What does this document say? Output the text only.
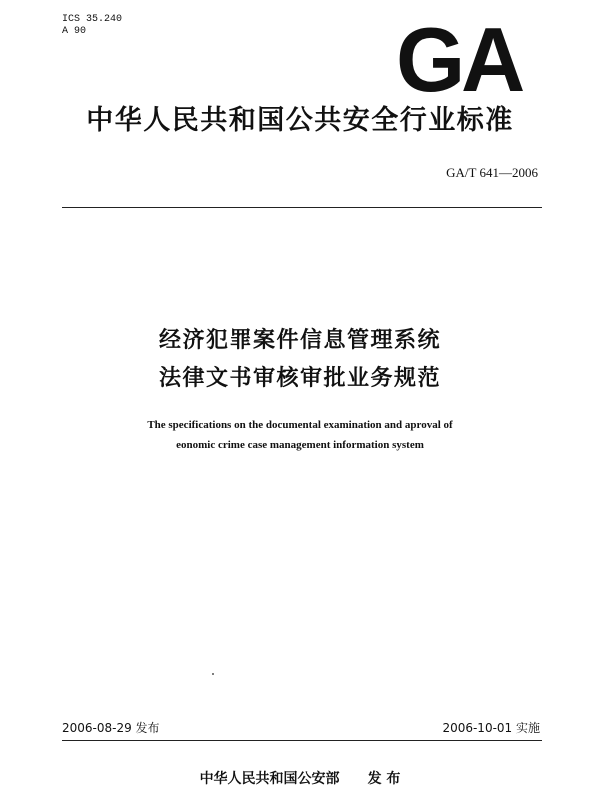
ICS 35.240
A 90	GA
中华人民共和国公共安全行业标准
GA/T 641—2006
经济犯罪案件信息管理系统
法律文书审核审批业务规范
The specifications on the documental examination and aproval of
eonomic crime case management information system
2006-08-29 发布	2006-10-01 实施
中华人民共和国公安部 发 布
